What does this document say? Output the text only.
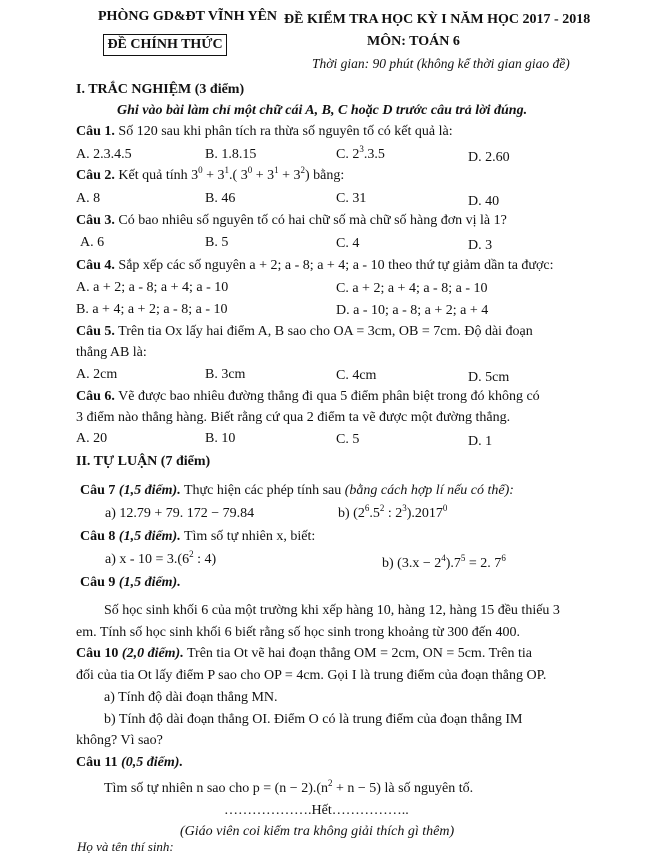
PHÒNG GD&ĐT VĨNH YÊN
ĐỀ CHÍNH THỨC
ĐỀ KIỂM TRA HỌC KỲ I NĂM HỌC 2017 - 2018
MÔN: TOÁN 6
Thời gian: 90 phút (không kể thời gian giao đề)
I. TRẮC NGHIỆM (3 điểm)
Ghi vào bài làm chỉ một chữ cái A, B, C hoặc D trước câu trả lời đúng.
Câu 1. Số 120 sau khi phân tích ra thừa số nguyên tố có kết quả là:
A. 2.3.4.5	B. 1.8.15	C. $2^3.3.5$	D. 2.60
Câu 2. Kết quả tính $3^0 + 3^1$.( $3^0 + 3^1 + 3^2$) bằng:
A. 8	B. 46	C. 31	D. 40
Câu 3. Có bao nhiêu số nguyên tố có hai chữ số mà chữ số hàng đơn vị là 1?
A. 6	B. 5	C. 4	D. 3
Câu 4. Sắp xếp các số nguyên a + 2; a - 8; a + 4; a - 10 theo thứ tự giảm dần ta được:
A. a + 2; a - 8; a + 4; a - 10	C. a + 2; a + 4; a - 8; a - 10
B. a + 4; a + 2; a - 8; a - 10	D. a - 10; a - 8; a + 2; a + 4
Câu 5. Trên tia Ox lấy hai điểm A, B sao cho OA = 3cm, OB = 7cm. Độ dài đoạn
thẳng AB là:
A. 2cm	B. 3cm	C. 4cm	D. 5cm
Câu 6. Vẽ được bao nhiêu đường thẳng đi qua 5 điểm phân biệt trong đó không có
3 điểm nào thẳng hàng. Biết rằng cứ qua 2 điểm ta vẽ được một đường thẳng.
A. 20	B. 10	C. 5	D. 1
II. TỰ LUẬN (7 điểm)
Câu 7 (1,5 điểm). Thực hiện các phép tính sau (bằng cách hợp lí nếu có thể):
a) 12.79 + 79. 172 − 79.84	b) ($2^6.5^2$ : $2^3).2017^0$
Câu 8 (1,5 điểm). Tìm số tự nhiên x, biết:
a) $x - 10 = 3.(6^2$ : 4)	b) $(3.x - 2^4).7^5 = 2$. $7^6$
Câu 9 (1,5 điểm).
Số học sinh khối 6 của một trường khi xếp hàng 10, hàng 12, hàng 15 đều thiếu 3
em. Tính số học sinh khối 6 biết rằng số học sinh trong khoảng từ 300 đến 400.
Câu 10 (2,0 điểm). Trên tia Ot vẽ hai đoạn thẳng OM = 2cm, ON = 5cm. Trên tia
đối của tia Ot lấy điểm P sao cho OP = 4cm. Gọi I là trung điểm của đoạn thẳng OP.
a) Tính độ dài đoạn thẳng MN.
b) Tính độ dài đoạn thẳng OI. Điểm O có là trung điểm của đoạn thẳng IM
không? Vì sao?
Câu 11 (0,5 điểm).
Tìm số tự nhiên n sao cho $p = (n - 2).(n^2 + n - 5)$ là số nguyên tố.
……………….Hết……………..
(Giáo viên coi kiểm tra không giải thích gì thêm)
Họ và tên thí sinh:
